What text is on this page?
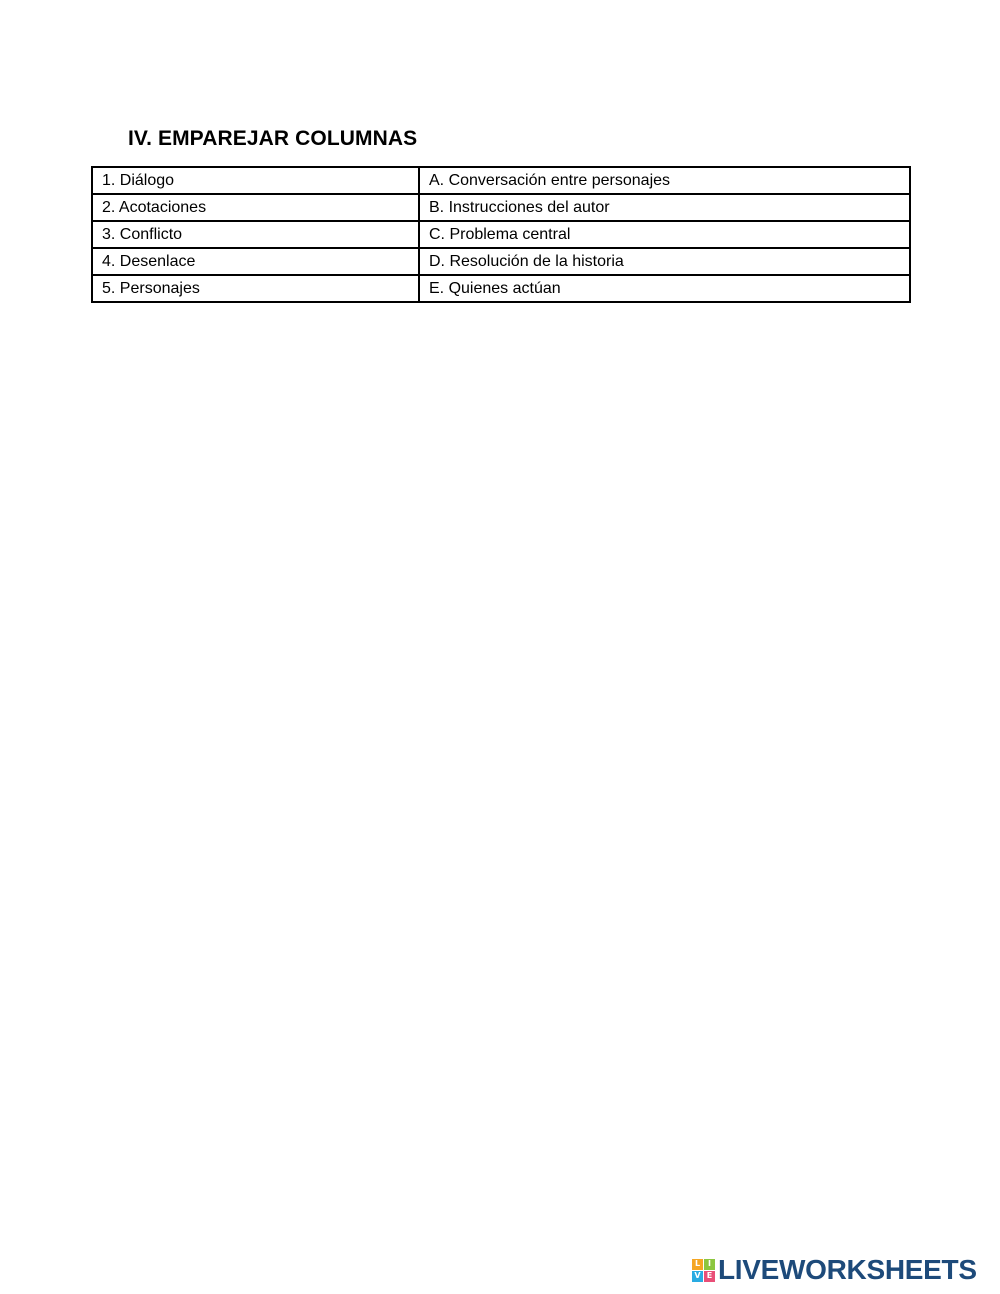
IV. EMPAREJAR COLUMNAS
1. Diálogo	A. Conversación entre personajes
2. Acotaciones	B. Instrucciones del autor
3. Conflicto	C. Problema central
4. Desenlace	D. Resolución de la historia
5. Personajes	E. Quienes actúan
L I
V E LIVEWORKSHEETS
